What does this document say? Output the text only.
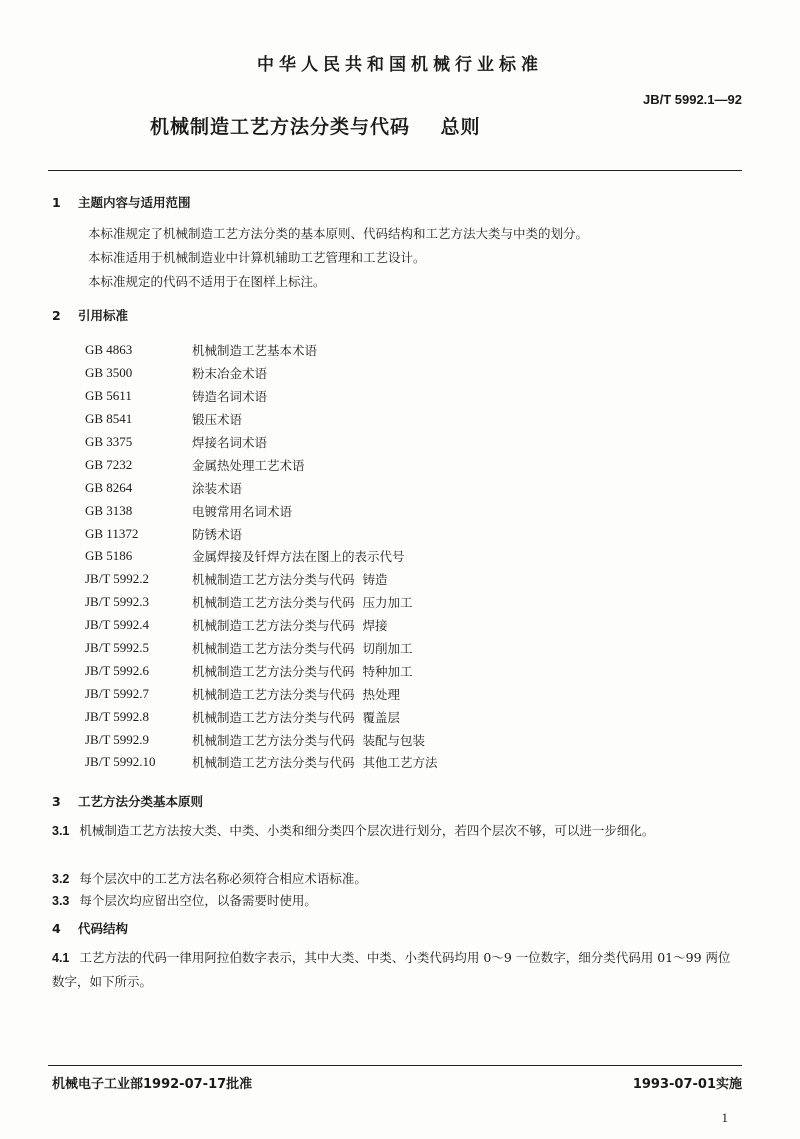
中华人民共和国机械行业标准
JB/T 5992.1—92
机械制造工艺方法分类与代码    总则
1 主题内容与适用范围
本标准规定了机械制造工艺方法分类的基本原则、代码结构和工艺方法大类与中类的划分。
本标准适用于机械制造业中计算机辅助工艺管理和工艺设计。
本标准规定的代码不适用于在图样上标注。
2 引用标准
GB 4863	机械制造工艺基本术语
GB 3500	粉末冶金术语
GB 5611	铸造名词术语
GB 8541	锻压术语
GB 3375	焊接名词术语
GB 7232	金属热处理工艺术语
GB 8264	涂装术语
GB 3138	电镀常用名词术语
GB 11372	防锈术语
GB 5186	金属焊接及钎焊方法在图上的表示代号
JB/T 5992.2	机械制造工艺方法分类与代码  铸造
JB/T 5992.3	机械制造工艺方法分类与代码  压力加工
JB/T 5992.4	机械制造工艺方法分类与代码  焊接
JB/T 5992.5	机械制造工艺方法分类与代码  切削加工
JB/T 5992.6	机械制造工艺方法分类与代码  特种加工
JB/T 5992.7	机械制造工艺方法分类与代码  热处理
JB/T 5992.8	机械制造工艺方法分类与代码  覆盖层
JB/T 5992.9	机械制造工艺方法分类与代码  装配与包装
JB/T 5992.10	机械制造工艺方法分类与代码  其他工艺方法
3 工艺方法分类基本原则
3.1 机械制造工艺方法按大类、中类、小类和细分类四个层次进行划分，若四个层次不够，可以进一步细化。
3.2 每个层次中的工艺方法名称必须符合相应术语标准。
3.3 每个层次均应留出空位，以备需要时使用。
4 代码结构
4.1 工艺方法的代码一律用阿拉伯数字表示，其中大类、中类、小类代码均用 0～9 一位数字，细分类代码用 01～99 两位数字，如下所示。
机械电子工业部1992-07-17批准	1993-07-01实施
1
